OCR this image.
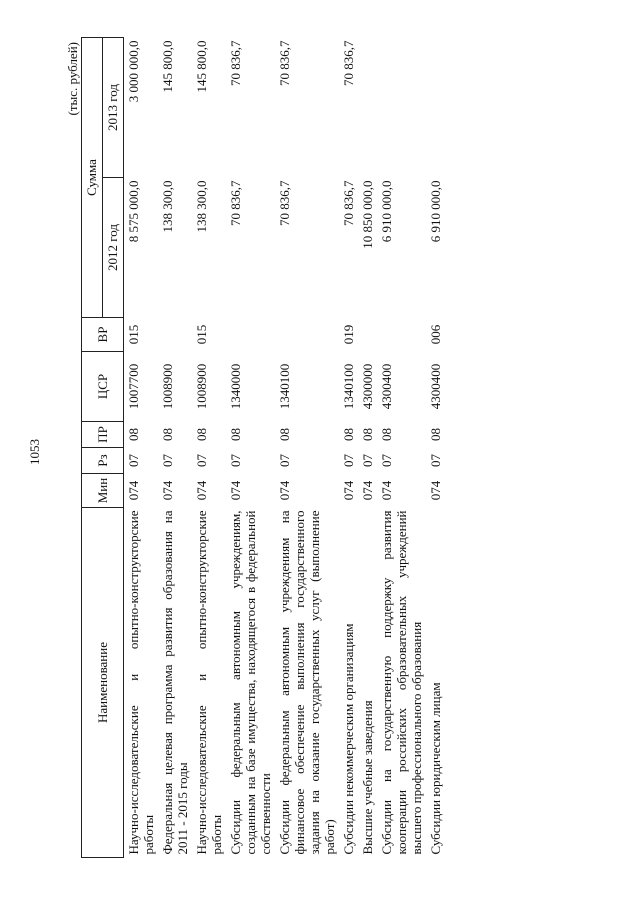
1053
(тыс. рублей)
Наименование	Мин	Рз	ПР	ЦСР	ВР	Сумма	
						2012 год	2013 год
Научно-исследовательские и опытно-конструкторские работы	074	07	08	1007700	015	8 575 000,0	3 000 000,0
Федеральная целевая программа развития образования на 2011 - 2015 годы	074	07	08	1008900		138 300,0	145 800,0
Научно-исследовательские и опытно-конструкторские работы	074	07	08	1008900	015	138 300,0	145 800,0
Субсидии федеральным автономным учреждениям, созданным на базе имущества, находящегося в федеральной собственности	074	07	08	1340000		70 836,7	70 836,7
Субсидии федеральным автономным учреждениям на финансовое обеспечение выполнения государственного задания на оказание государственных услуг (выполнение работ)	074	07	08	1340100		70 836,7	70 836,7
Субсидии некоммерческим организациям	074	07	08	1340100	019	70 836,7	70 836,7
Высшие учебные заведения	074	07	08	4300000		10 850 000,0	
Субсидии на государственную поддержку развития кооперации российских образовательных учреждений высшего профессионального образования	074	07	08	4300400		6 910 000,0	
Субсидии юридическим лицам	074	07	08	4300400	006	6 910 000,0	
